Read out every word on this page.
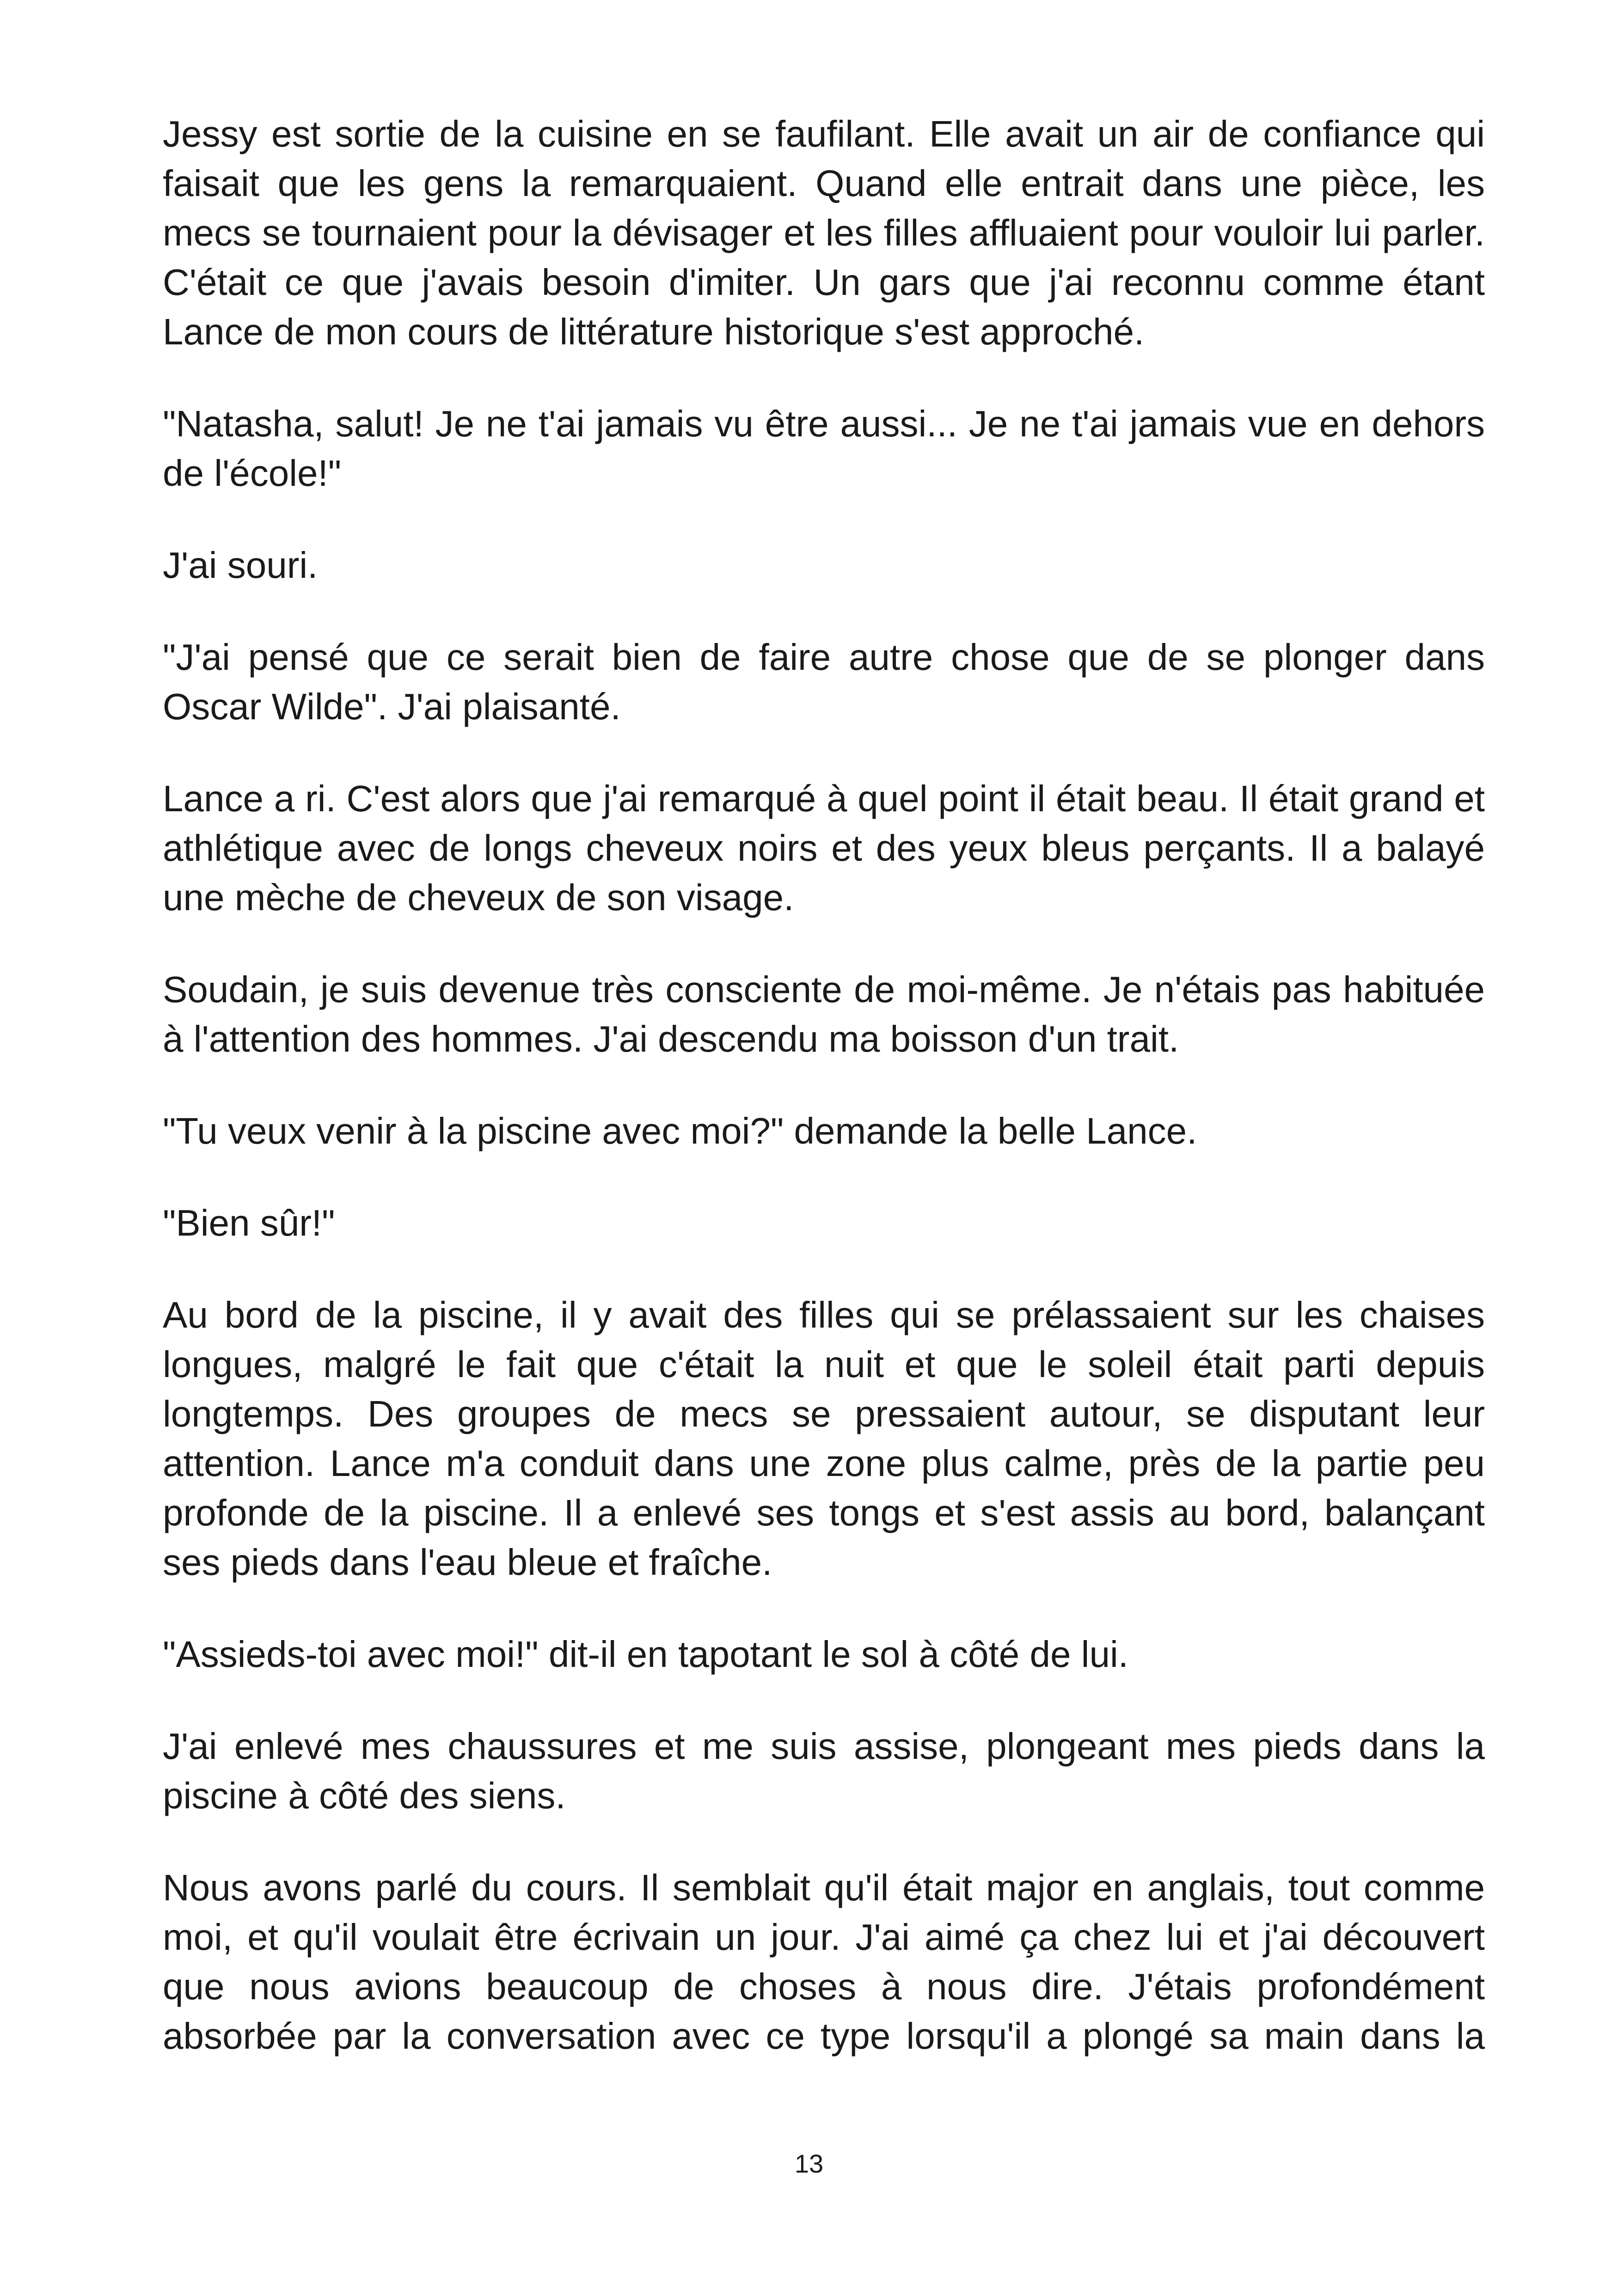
Jessy est sortie de la cuisine en se faufilant. Elle avait un air de confiance qui faisait que les gens la remarquaient. Quand elle entrait dans une pièce, les mecs se tournaient pour la dévisager et les filles affluaient pour vouloir lui parler. C'était ce que j'avais besoin d'imiter. Un gars que j'ai reconnu comme étant Lance de mon cours de littérature historique s'est approché.

"Natasha, salut! Je ne t'ai jamais vu être aussi... Je ne t'ai jamais vue en dehors de l'école!"

J'ai souri.

"J'ai pensé que ce serait bien de faire autre chose que de se plonger dans Oscar Wilde". J'ai plaisanté.

Lance a ri. C'est alors que j'ai remarqué à quel point il était beau. Il était grand et athlétique avec de longs cheveux noirs et des yeux bleus perçants. Il a balayé une mèche de cheveux de son visage.

Soudain, je suis devenue très consciente de moi-même. Je n'étais pas habituée à l'attention des hommes. J'ai descendu ma boisson d'un trait.

"Tu veux venir à la piscine avec moi?" demande la belle Lance.

"Bien sûr!"

Au bord de la piscine, il y avait des filles qui se prélassaient sur les chaises longues, malgré le fait que c'était la nuit et que le soleil était parti depuis longtemps. Des groupes de mecs se pressaient autour, se disputant leur attention. Lance m'a conduit dans une zone plus calme, près de la partie peu profonde de la piscine. Il a enlevé ses tongs et s'est assis au bord, balançant ses pieds dans l'eau bleue et fraîche.

"Assieds-toi avec moi!" dit-il en tapotant le sol à côté de lui.

J'ai enlevé mes chaussures et me suis assise, plongeant mes pieds dans la piscine à côté des siens.

Nous avons parlé du cours. Il semblait qu'il était major en anglais, tout comme moi, et qu'il voulait être écrivain un jour. J'ai aimé ça chez lui et j'ai découvert que nous avions beaucoup de choses à nous dire. J'étais profondément absorbée par la conversation avec ce type lorsqu'il a plongé sa main dans la

13
